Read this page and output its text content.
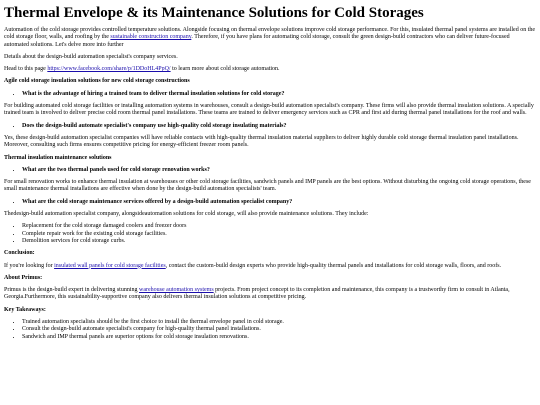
Thermal Envelope & its Maintenance Solutions for Cold Storages

Automation of the cold storage provides controlled temperature solutions. Alongside focusing on thermal envelope solutions improve cold storage performance. For this, insulated thermal panel systems are installed on the cold storage floor, walls, and roofing by the sustainable construction company. Therefore, if you have plans for automating cold storage, consult the green design-build contractors who can deliver future-focused automated solutions. Let's delve more into further

Details about the design-build automation specialist's company services.

Head to this page https://www.facebook.com/share/p/1DDoHL4PpQ/ to learn more about cold storage automation.

Agile cold storage insulation solutions for new cold storage constructions

• What is the advantage of hiring a trained team to deliver thermal insulation solutions for cold storage?

For building automated cold storage facilities or installing automation systems in warehouses, consult a design-build automation specialist's company. These firms will also provide thermal insulation solutions. A specially trained team is involved to deliver precise cold room thermal panel installations. These teams are trained to deliver emergency services such as CPR and first aid during thermal panel installations for the roof and walls.

• Does the design-build automate specialist's company use high-quality cold storage insulating materials?

Yes, these design-build automation specialist companies will have reliable contacts with high-quality thermal insulation material suppliers to deliver highly durable cold storage thermal insulation panel installations. Moreover, consulting such firms ensures competitive pricing for energy-efficient freezer room panels.

Thermal insulation maintenance solutions

• What are the two thermal panels used for cold storage renovation works?

For small renovation works to enhance thermal insulation at warehouses or other cold storage facilities, sandwich panels and IMP panels are the best options. Without disturbing the ongoing cold storage operations, these small maintenance thermal installations are effective when done by the design-build automation specialists' team.

• What are the cold storage maintenance services offered by a design-build automation specialist company?

Thedesign-build automation specialist company, alongsideautomation solutions for cold storage, will also provide maintenance solutions. They include:

• Replacement for the cold storage damaged coolers and freezer doors
• Complete repair work for the existing cold storage facilities.
• Demolition services for cold storage curbs.

Conclusion:

If you're looking for insulated wall panels for cold storage facilities, contact the custom-build design experts who provide high-quality thermal panels and installations for cold storage walls, floors, and roofs.

About Primus:

Primus is the design-build expert in delivering stunning warehouse automation systems projects. From project concept to its completion and maintenance, this company is a trustworthy firm to consult in Atlanta, Georgia.Furthermore, this sustainability-supportive company also delivers thermal insulation solutions at competitive pricing.

Key Takeaways:

• Trained automation specialists should be the first choice to install the thermal envelope panel in cold storage.
• Consult the design-build automate specialist's company for high-quality thermal panel installations.
• Sandwich and IMP thermal panels are superior options for cold storage insulation renovations.
